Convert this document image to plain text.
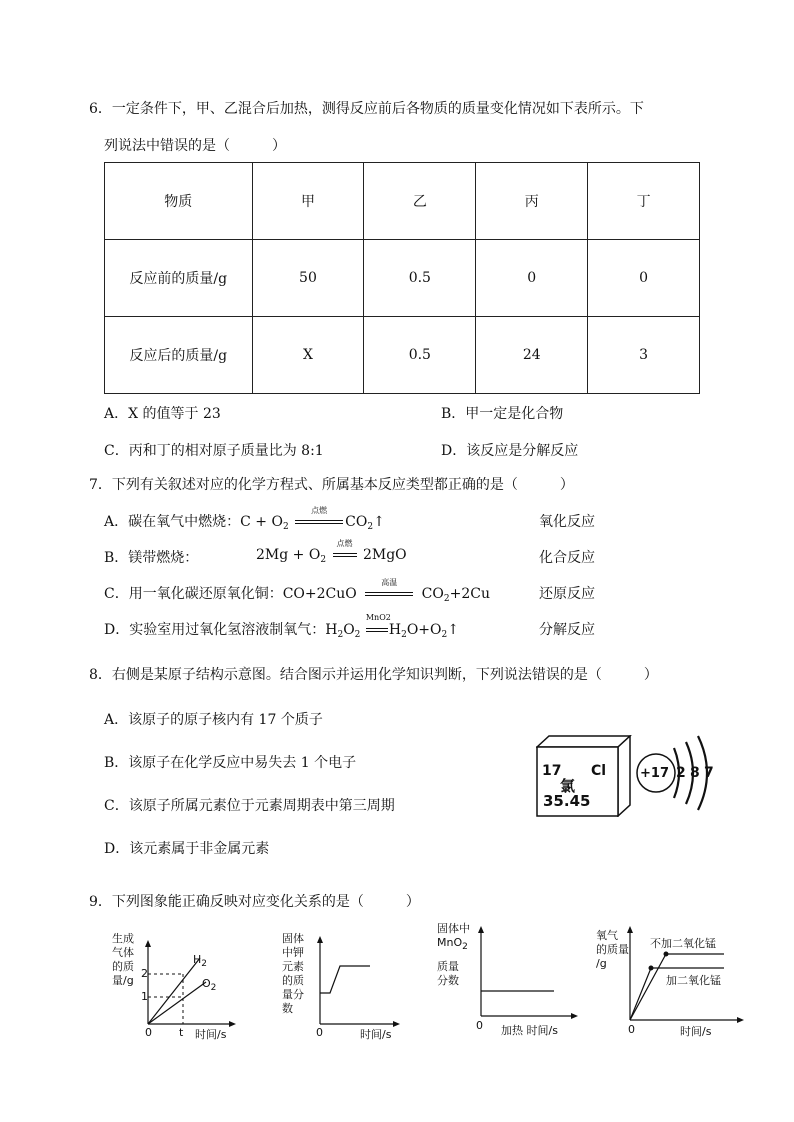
6．一定条件下，甲、乙混合后加热，测得反应前后各物质的质量变化情况如下表所示。下
列说法中错误的是（　　　）
物质	甲	乙	丙	丁
反应前的质量/g	50	0.5	0	0
反应后的质量/g	X	0.5	24	3
A．X 的值等于 23	B．甲一定是化合物
C．丙和丁的相对原子质量比为 8:1	D．该反应是分解反应
7．下列有关叙述对应的化学方程式、所属基本反应类型都正确的是（　　　）
A．碳在氧气中燃烧：$C + O_2$
点燃
$CO_2↑$	氧化反应
B．镁带燃烧：	$2Mg + O_2$
点燃
2MgO	化合反应
C．用一氧化碳还原氧化铜：CO+2CuO
高温
$CO_2+2Cu$	还原反应
D．实验室用过氧化氢溶液制氧气：$H_2O_2$
MnO2
$H_2O+O_2↑$	分解反应
8．右侧是某原子结构示意图。结合图示并运用化学知识判断，下列说法错误的是（　　　）
A．该原子的原子核内有 17 个质子
B．该原子在化学反应中易失去 1 个电子
C．该原子所属元素位于元素周期表中第三周期
D．该元素属于非金属元素
17 Cl
氯
35.45
+17 2 8 7
9．下列图象能正确反映对应变化关系的是（　　　）
生成
气体
的质
量/g
2
1
0 t 时间/s
$H_2$
$O_2$
固体
中钾
元素
的质
量分
数
0	时间/s
固体中
MnO$_2$
质量
分数
0 加热 时间/s
氧气
的质量
/g
0	时间/s
不加二氧化锰
加二氧化锰
